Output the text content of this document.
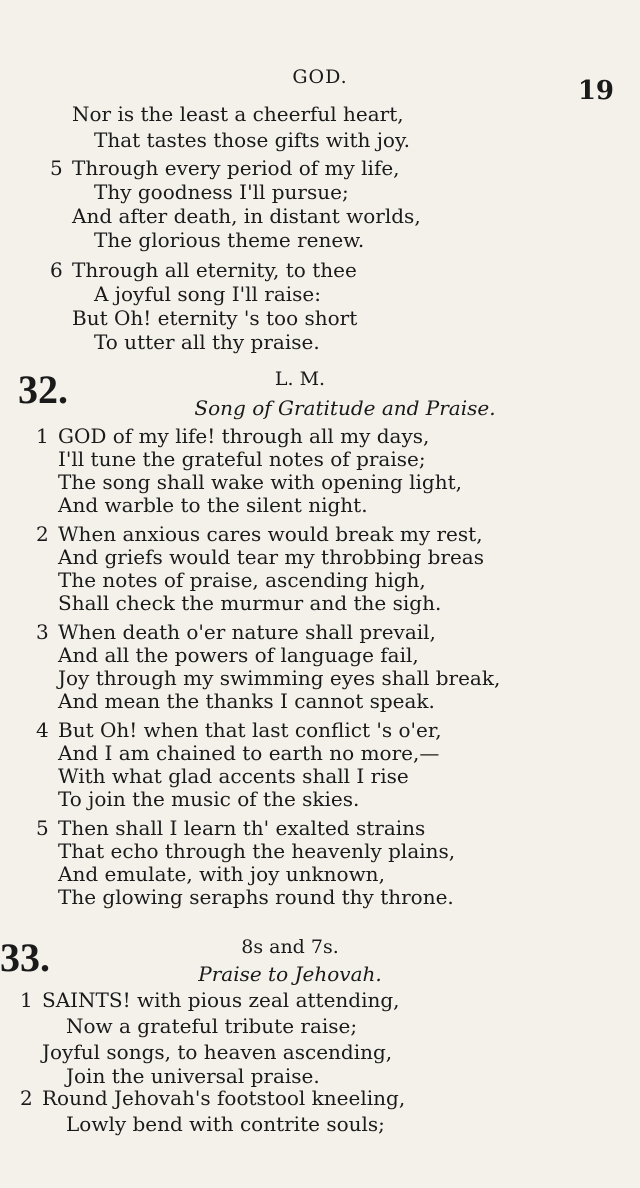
GOD.	19
Nor is the least a cheerful heart,
That tastes those gifts with joy.
5 Through every period of my life,
Thy goodness I'll pursue;
And after death, in distant worlds,
The glorious theme renew.
6 Through all eternity, to thee
A joyful song I'll raise:
But Oh! eternity 's too short
To utter all thy praise.
32.	L. M.
Song of Gratitude and Praise.
1 GOD of my life! through all my days,
I'll tune the grateful notes of praise;
The song shall wake with opening light,
And warble to the silent night.
2 When anxious cares would break my rest,
And griefs would tear my throbbing breas
The notes of praise, ascending high,
Shall check the murmur and the sigh.
3 When death o'er nature shall prevail,
And all the powers of language fail,
Joy through my swimming eyes shall break,
And mean the thanks I cannot speak.
4 But Oh! when that last conflict 's o'er,
And I am chained to earth no more,—
With what glad accents shall I rise
To join the music of the skies.
5 Then shall I learn th' exalted strains
That echo through the heavenly plains,
And emulate, with joy unknown,
The glowing seraphs round thy throne.
33.	8s and 7s.
Praise to Jehovah.
1 SAINTS! with pious zeal attending,
Now a grateful tribute raise;
Joyful songs, to heaven ascending,
Join the universal praise.
2 Round Jehovah's footstool kneeling,
Lowly bend with contrite souls;
